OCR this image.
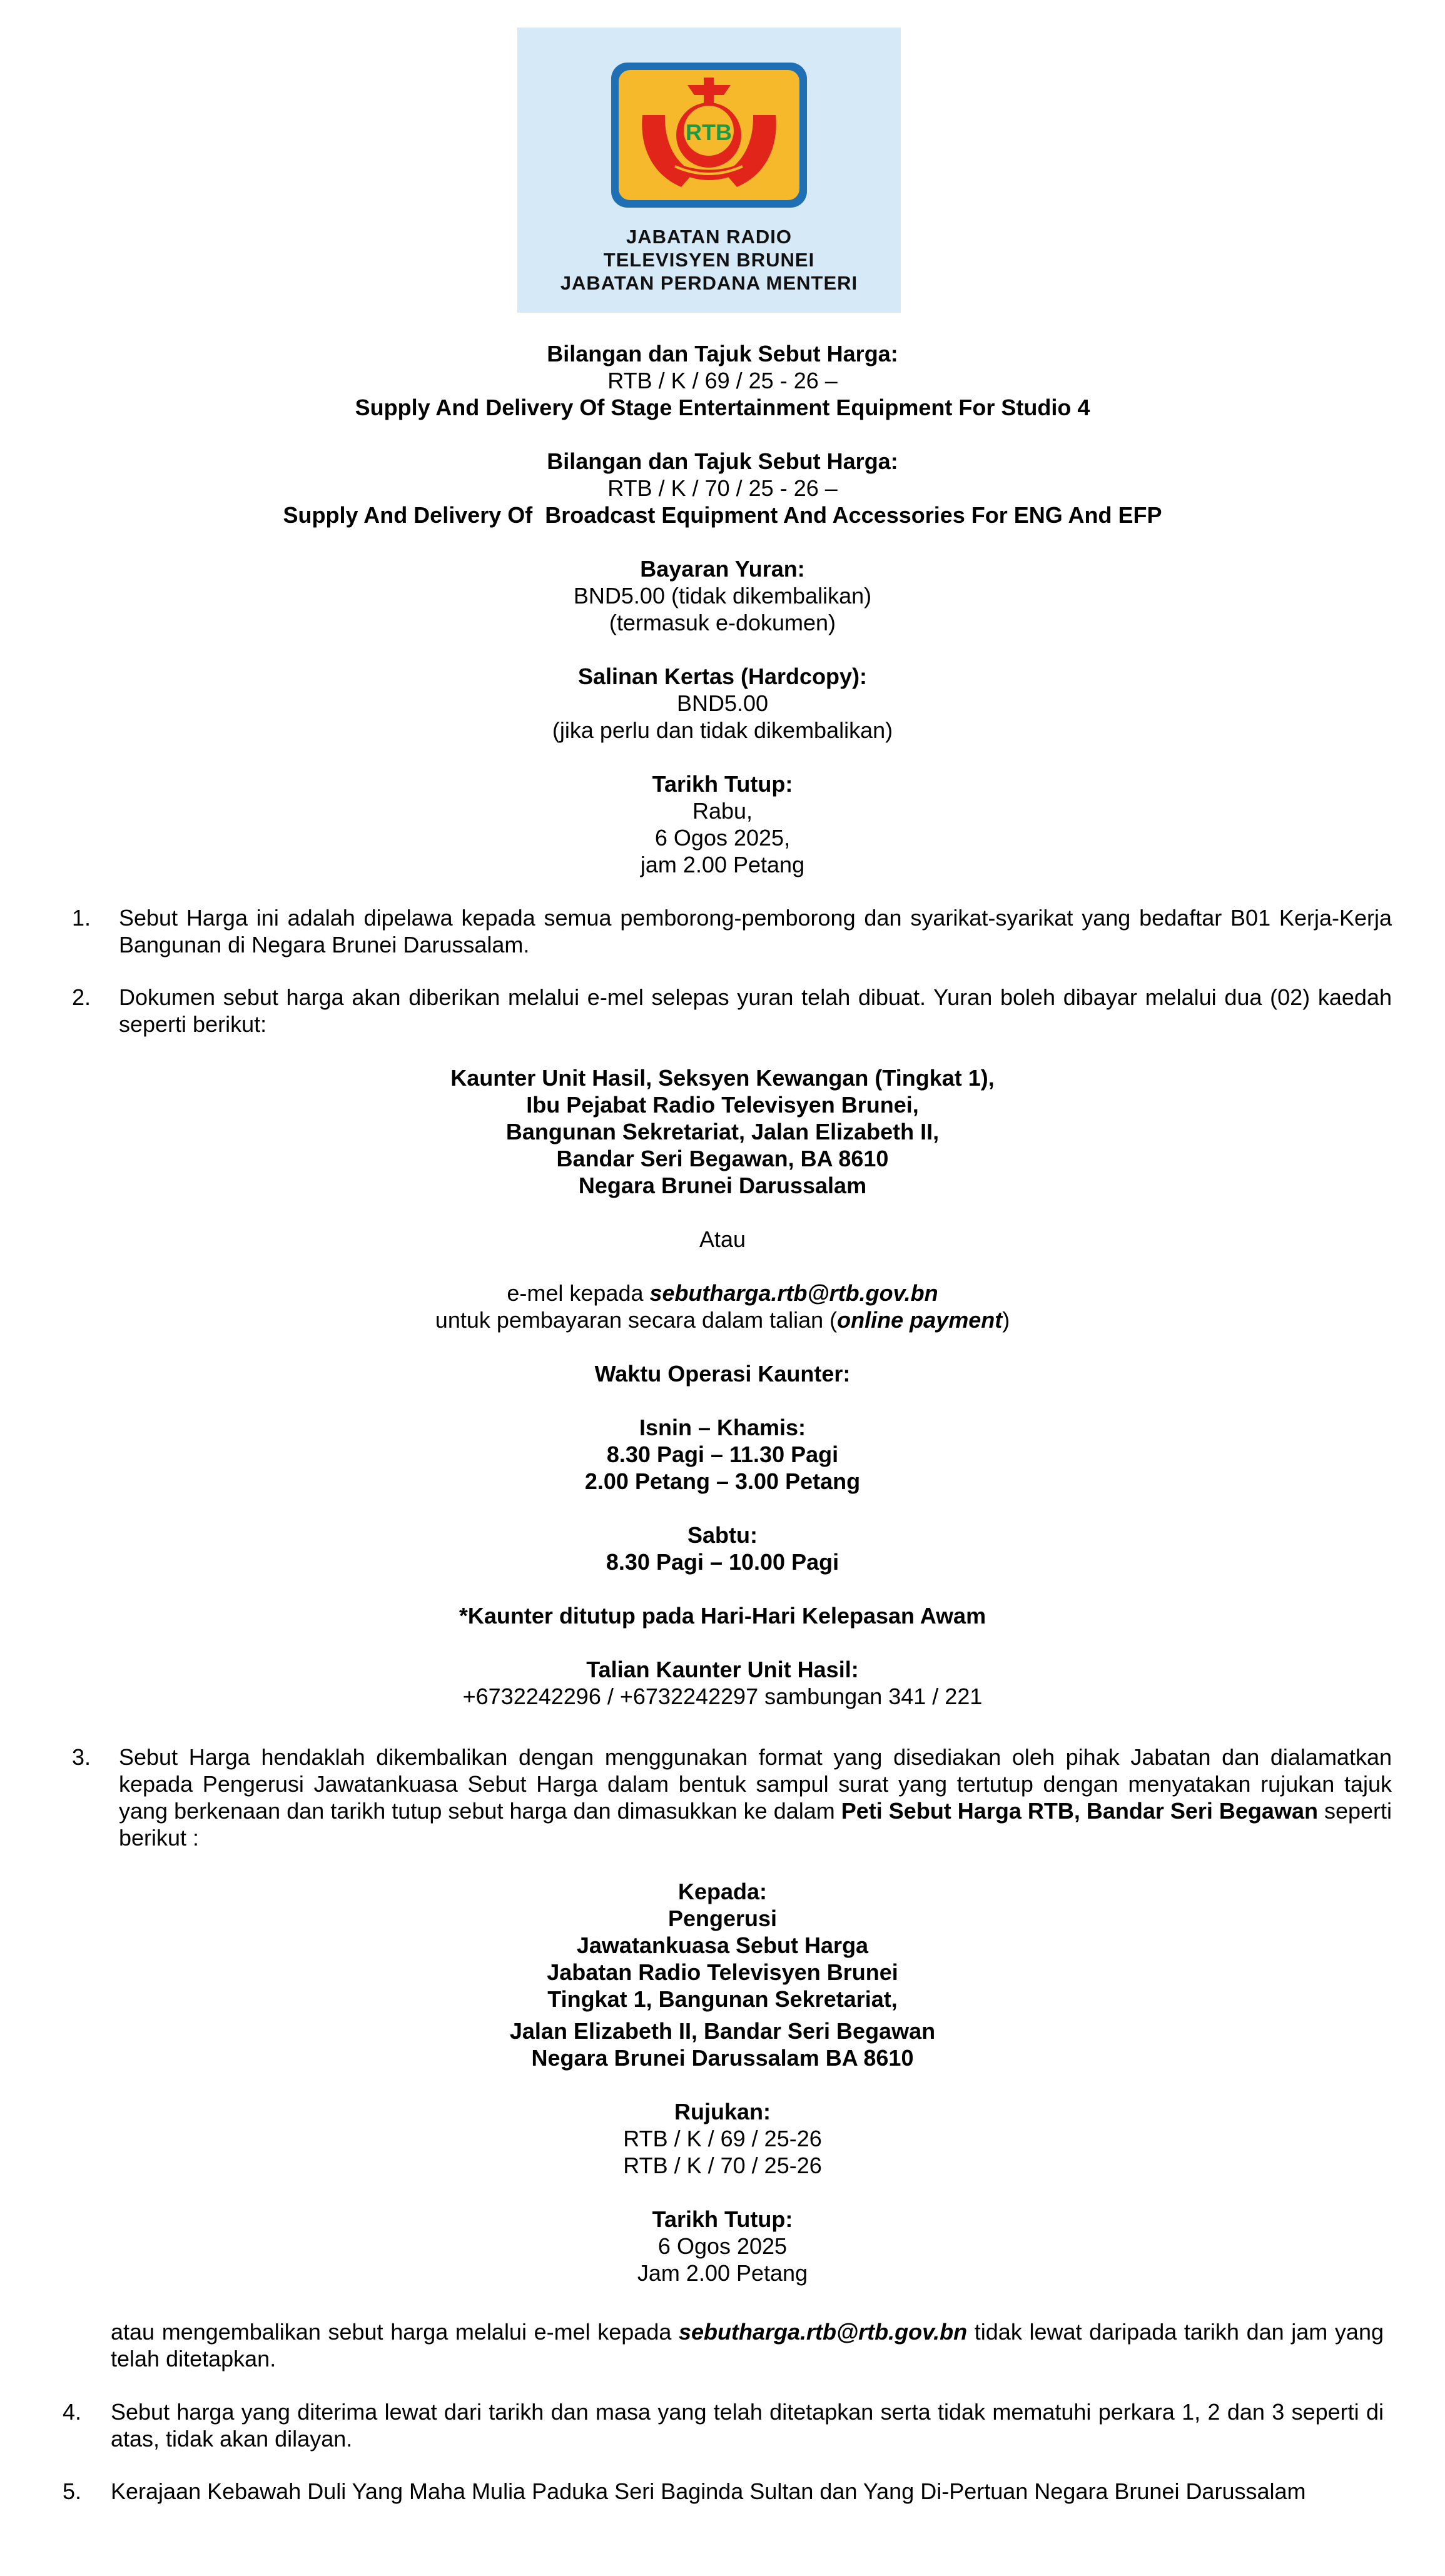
RTB
JABATAN RADIO
TELEVISYEN BRUNEI
JABATAN PERDANA MENTERI
Bilangan dan Tajuk Sebut Harga:
RTB / K / 69 / 25 - 26 –
Supply And Delivery Of Stage Entertainment Equipment For Studio 4
Bilangan dan Tajuk Sebut Harga:
RTB / K / 70 / 25 - 26 –
Supply And Delivery Of  Broadcast Equipment And Accessories For ENG And EFP
Bayaran Yuran:
BND5.00 (tidak dikembalikan)
(termasuk e-dokumen)
Salinan Kertas (Hardcopy):
BND5.00
(jika perlu dan tidak dikembalikan)
Tarikh Tutup:
Rabu,
6 Ogos 2025,
jam 2.00 Petang
1.	Sebut Harga ini adalah dipelawa kepada semua pemborong-pemborong dan syarikat-syarikat yang bedaftar B01 Kerja-Kerja Bangunan di Negara Brunei Darussalam.
2.	Dokumen sebut harga akan diberikan melalui e-mel selepas yuran telah dibuat. Yuran boleh dibayar melalui dua (02) kaedah seperti berikut:
Kaunter Unit Hasil, Seksyen Kewangan (Tingkat 1),
Ibu Pejabat Radio Televisyen Brunei,
Bangunan Sekretariat, Jalan Elizabeth II,
Bandar Seri Begawan, BA 8610
Negara Brunei Darussalam
Atau
e-mel kepada sebutharga.rtb@rtb.gov.bn
untuk pembayaran secara dalam talian (online payment)
Waktu Operasi Kaunter:
Isnin – Khamis:
8.30 Pagi – 11.30 Pagi
2.00 Petang – 3.00 Petang
Sabtu:
8.30 Pagi – 10.00 Pagi
*Kaunter ditutup pada Hari-Hari Kelepasan Awam
Talian Kaunter Unit Hasil:
+6732242296 / +6732242297 sambungan 341 / 221
3.	Sebut Harga hendaklah dikembalikan dengan menggunakan format yang disediakan oleh pihak Jabatan dan dialamatkan kepada Pengerusi Jawatankuasa Sebut Harga dalam bentuk sampul surat yang tertutup dengan menyatakan rujukan tajuk yang berkenaan dan tarikh tutup sebut harga dan dimasukkan ke dalam Peti Sebut Harga RTB, Bandar Seri Begawan seperti berikut :
Kepada:
Pengerusi
Jawatankuasa Sebut Harga
Jabatan Radio Televisyen Brunei
Tingkat 1, Bangunan Sekretariat,
Jalan Elizabeth II, Bandar Seri Begawan
Negara Brunei Darussalam BA 8610
Rujukan:
RTB / K / 69 / 25-26
RTB / K / 70 / 25-26
Tarikh Tutup:
6 Ogos 2025
Jam 2.00 Petang
atau mengembalikan sebut harga melalui e-mel kepada sebutharga.rtb@rtb.gov.bn tidak lewat daripada tarikh dan jam yang telah ditetapkan.
4.	Sebut harga yang diterima lewat dari tarikh dan masa yang telah ditetapkan serta tidak mematuhi perkara 1, 2 dan 3 seperti di atas, tidak akan dilayan.
5.	Kerajaan Kebawah Duli Yang Maha Mulia Paduka Seri Baginda Sultan dan Yang Di-Pertuan Negara Brunei Darussalam
